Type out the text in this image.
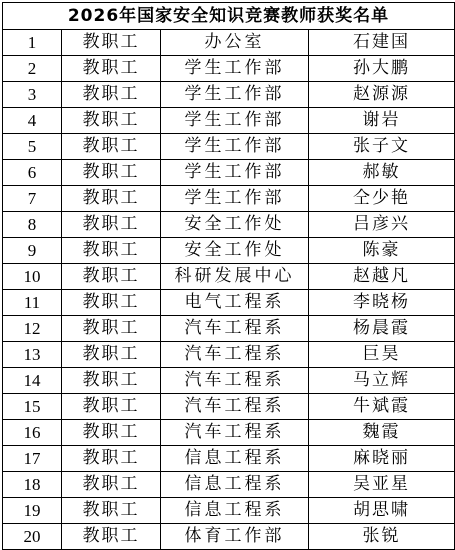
2026年国家安全知识竞赛教师获奖名单			
1	教职工	办公室	石建国
2	教职工	学生工作部	孙大鹏
3	教职工	学生工作部	赵源源
4	教职工	学生工作部	谢岩
5	教职工	学生工作部	张子文
6	教职工	学生工作部	郝敏
7	教职工	学生工作部	仝少艳
8	教职工	安全工作处	吕彦兴
9	教职工	安全工作处	陈豪
10	教职工	科研发展中心	赵越凡
11	教职工	电气工程系	李晓杨
12	教职工	汽车工程系	杨晨霞
13	教职工	汽车工程系	巨昊
14	教职工	汽车工程系	马立辉
15	教职工	汽车工程系	牛斌霞
16	教职工	汽车工程系	魏霞
17	教职工	信息工程系	麻晓丽
18	教职工	信息工程系	吴亚星
19	教职工	信息工程系	胡思啸
20	教职工	体育工作部	张锐
